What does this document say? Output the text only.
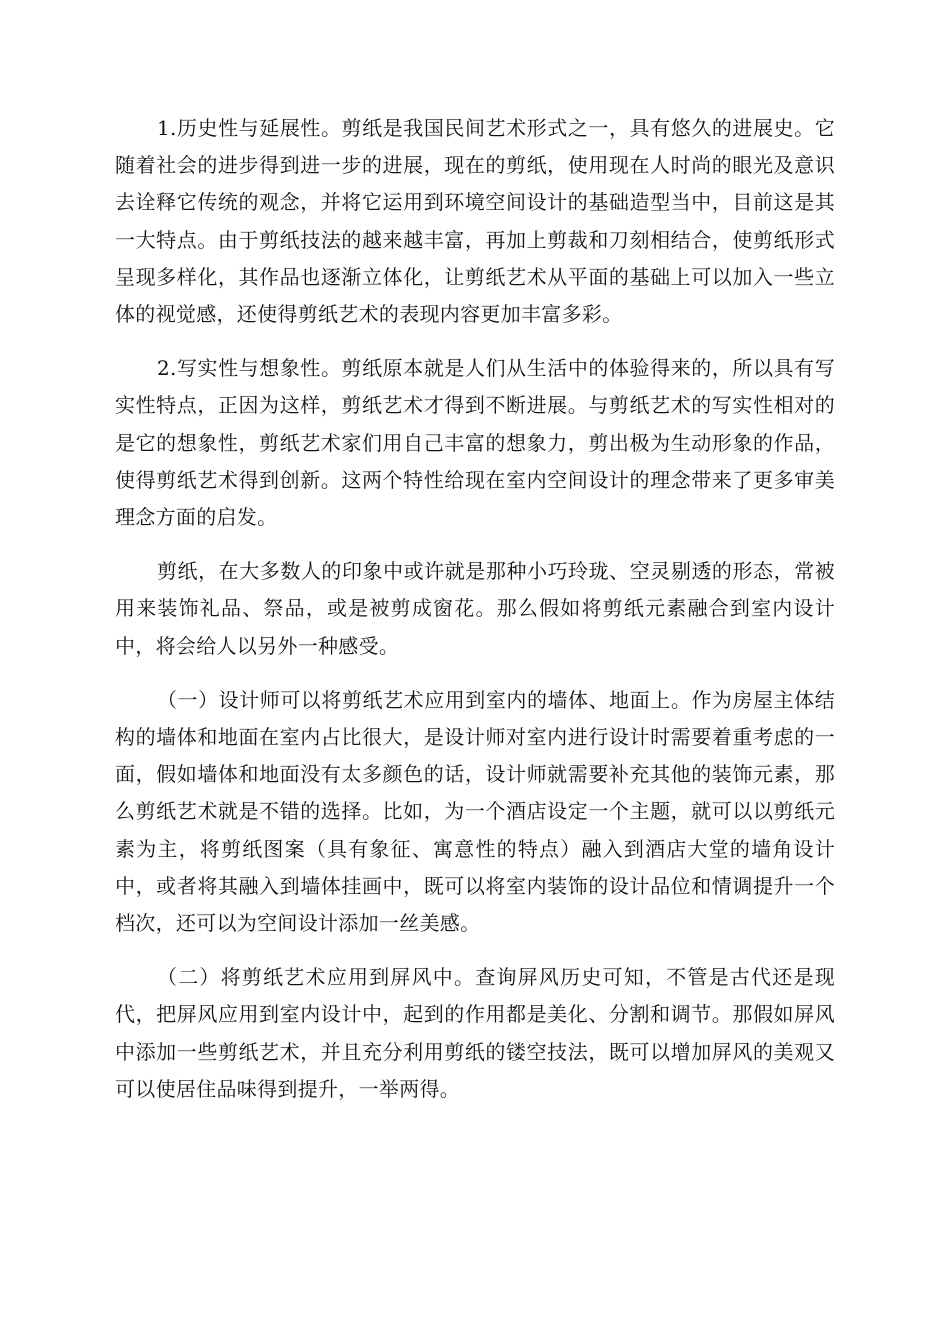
1.历史性与延展性。剪纸是我国民间艺术形式之一，具有悠久的进展史。它随着社会的进步得到进一步的进展，现在的剪纸，使用现在人时尚的眼光及意识去诠释它传统的观念，并将它运用到环境空间设计的基础造型当中，目前这是其一大特点。由于剪纸技法的越来越丰富，再加上剪裁和刀刻相结合，使剪纸形式呈现多样化，其作品也逐渐立体化，让剪纸艺术从平面的基础上可以加入一些立体的视觉感，还使得剪纸艺术的表现内容更加丰富多彩。

2.写实性与想象性。剪纸原本就是人们从生活中的体验得来的，所以具有写实性特点，正因为这样，剪纸艺术才得到不断进展。与剪纸艺术的写实性相对的是它的想象性，剪纸艺术家们用自己丰富的想象力，剪出极为生动形象的作品，使得剪纸艺术得到创新。这两个特性给现在室内空间设计的理念带来了更多审美理念方面的启发。

剪纸，在大多数人的印象中或许就是那种小巧玲珑、空灵剔透的形态，常被用来装饰礼品、祭品，或是被剪成窗花。那么假如将剪纸元素融合到室内设计中，将会给人以另外一种感受。

（一）设计师可以将剪纸艺术应用到室内的墙体、地面上。作为房屋主体结构的墙体和地面在室内占比很大，是设计师对室内进行设计时需要着重考虑的一面，假如墙体和地面没有太多颜色的话，设计师就需要补充其他的装饰元素，那么剪纸艺术就是不错的选择。比如，为一个酒店设定一个主题，就可以以剪纸元素为主，将剪纸图案（具有象征、寓意性的特点）融入到酒店大堂的墙角设计中，或者将其融入到墙体挂画中，既可以将室内装饰的设计品位和情调提升一个档次，还可以为空间设计添加一丝美感。

（二）将剪纸艺术应用到屏风中。查询屏风历史可知，不管是古代还是现代，把屏风应用到室内设计中，起到的作用都是美化、分割和调节。那假如屏风中添加一些剪纸艺术，并且充分利用剪纸的镂空技法，既可以增加屏风的美观又可以使居住品味得到提升，一举两得。
